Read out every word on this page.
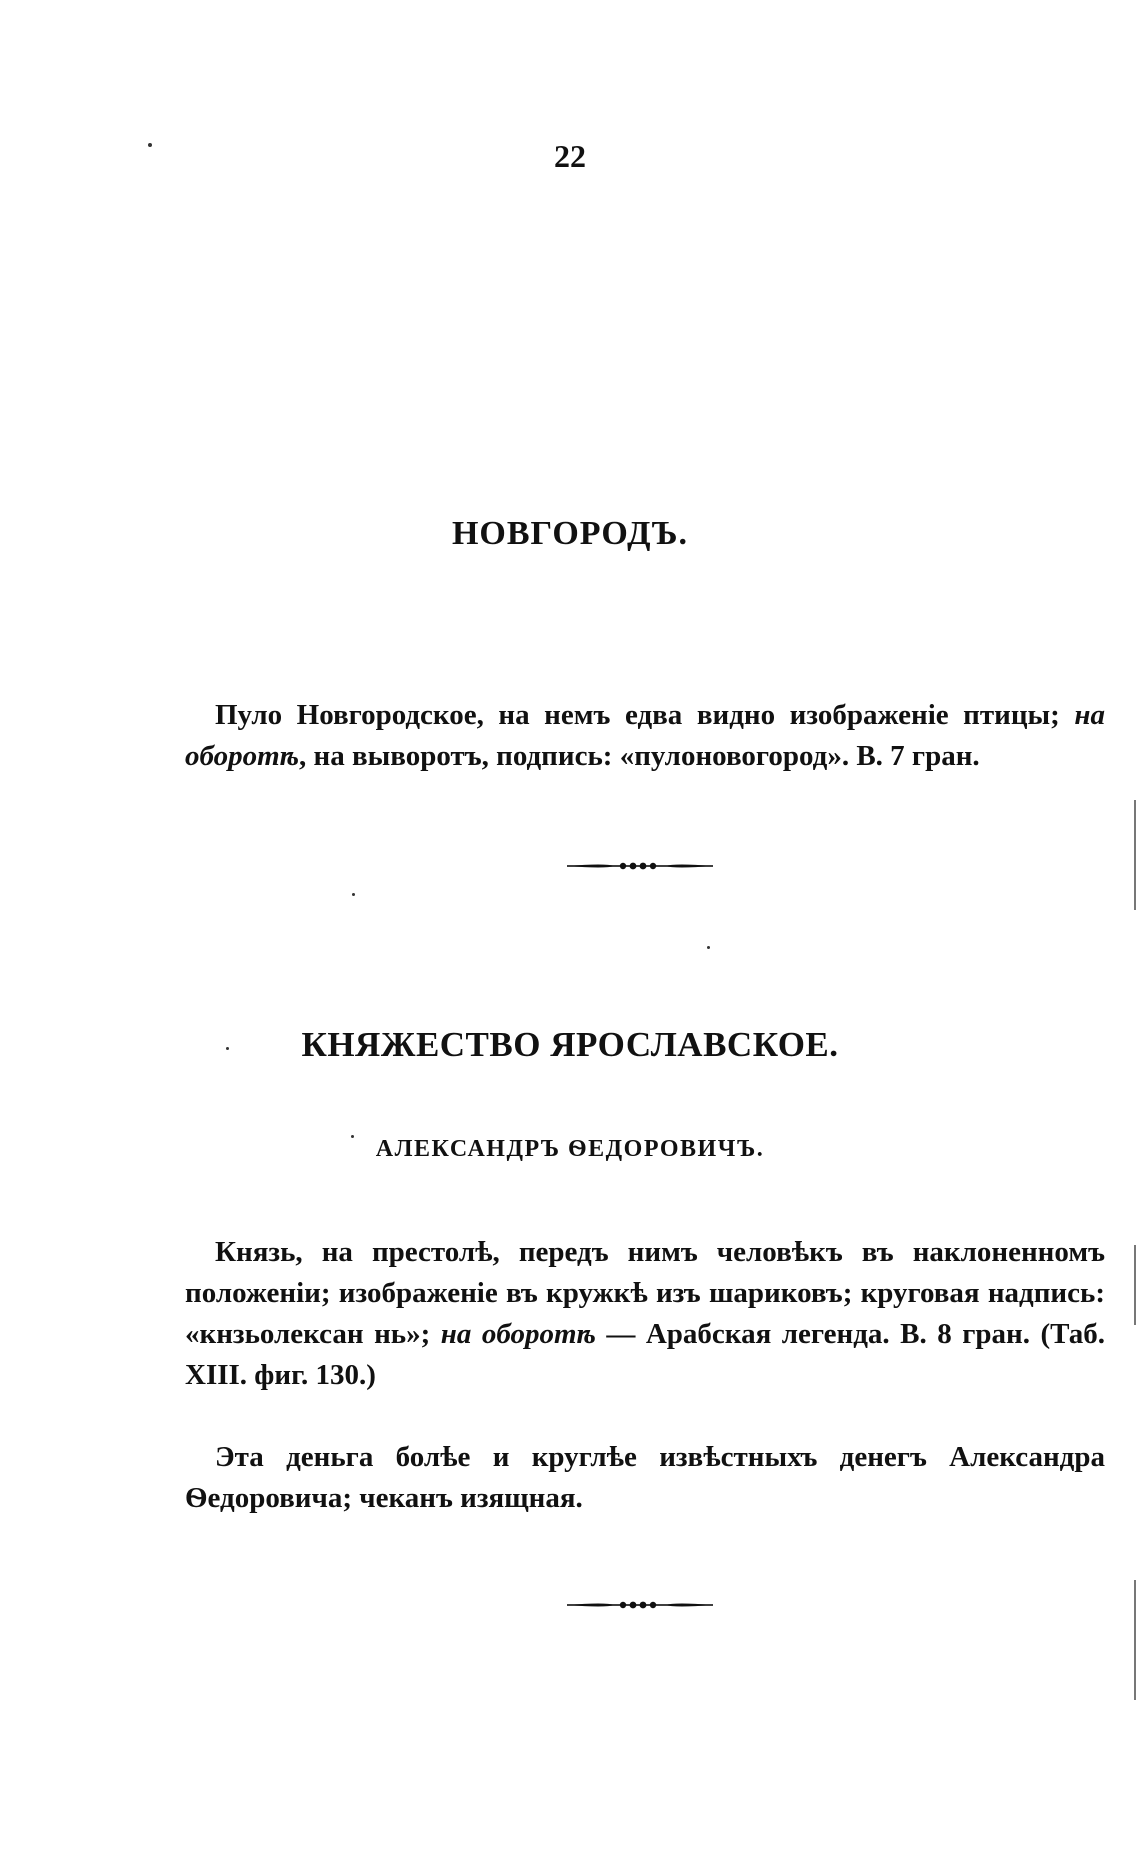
22
НОВГОРОДЪ.
Пуло Новгородское, на немъ едва видно изображенiе птицы; на оборотѣ, на выворотъ, подпись: «пулоновогород». В. 7 гран.
КНЯЖЕСТВО ЯРОСЛАВСКОЕ.
АЛЕКСАНДРЪ ѲЕДОРОВИЧЪ.
Князь, на престолѣ, передъ нимъ человѣкъ въ наклоненномъ положенiи; изображенiе въ кружкѣ изъ шариковъ; круговая надпись: «кнзьолексан нь»; на оборотѣ — Арабская легенда. В. 8 гран. (Таб. XIII. фиг. 130.)
Эта деньга болѣе и круглѣе извѣстныхъ денегъ Александра Ѳедоровича; чеканъ изящная.
